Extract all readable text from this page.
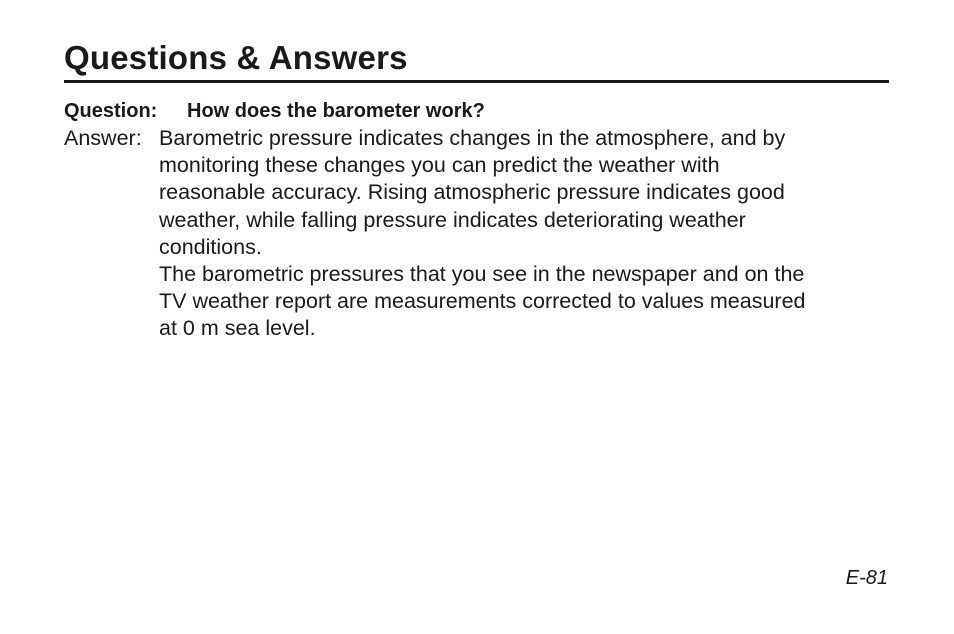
Questions & Answers
Question: How does the barometer work?
Answer: Barometric pressure indicates changes in the atmosphere, and by
monitoring these changes you can predict the weather with
reasonable accuracy. Rising atmospheric pressure indicates good
weather, while falling pressure indicates deteriorating weather
conditions.
The barometric pressures that you see in the newspaper and on the
TV weather report are measurements corrected to values measured
at 0 m sea level.
E-81
